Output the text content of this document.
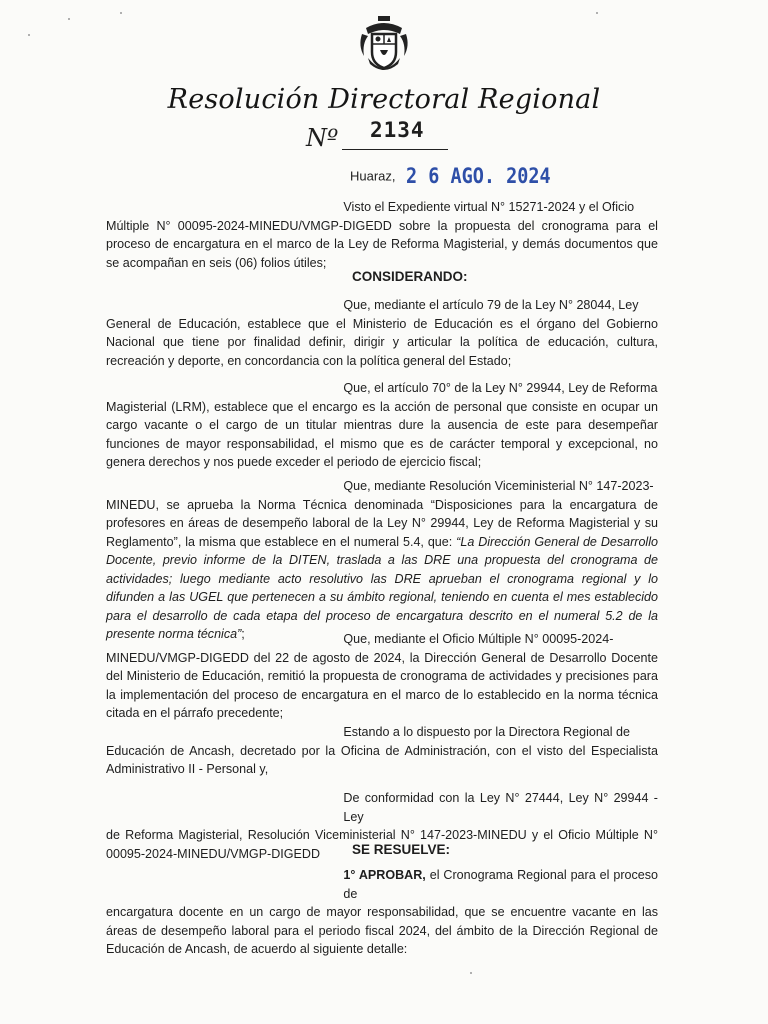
Resolución Directoral Regional
Nº 2134
Huaraz, 2 6 AGO. 2024
Visto el Expediente virtual N° 15271-2024 y el Oficio
Múltiple N° 00095-2024-MINEDU/VMGP-DIGEDD sobre la propuesta del cronograma para el proceso de encargatura en el marco de la Ley de Reforma Magisterial, y demás documentos que se acompañan en seis (06) folios útiles;
CONSIDERANDO:
Que, mediante el artículo 79 de la Ley N° 28044, Ley
General de Educación, establece que el Ministerio de Educación es el órgano del Gobierno Nacional que tiene por finalidad definir, dirigir y articular la política de educación, cultura, recreación y deporte, en concordancia con la política general del Estado;
Que, el artículo 70° de la Ley N° 29944, Ley de Reforma
Magisterial (LRM), establece que el encargo es la acción de personal que consiste en ocupar un cargo vacante o el cargo de un titular mientras dure la ausencia de este para desempeñar funciones de mayor responsabilidad, el mismo que es de carácter temporal y excepcional, no genera derechos y nos puede exceder el periodo de ejercicio fiscal;
Que, mediante Resolución Viceministerial N° 147-2023-
MINEDU, se aprueba la Norma Técnica denominada “Disposiciones para la encargatura de profesores en áreas de desempeño laboral de la Ley N° 29944, Ley de Reforma Magisterial y su Reglamento”, la misma que establece en el numeral 5.4, que: “La Dirección General de Desarrollo Docente, previo informe de la DITEN, traslada a las DRE una propuesta del cronograma de actividades; luego mediante acto resolutivo las DRE aprueban el cronograma regional y lo difunden a las UGEL que pertenecen a su ámbito regional, teniendo en cuenta el mes establecido para el desarrollo de cada etapa del proceso de encargatura descrito en el numeral 5.2 de la presente norma técnica”;	Que, mediante el Oficio Múltiple N° 00095-2024-
MINEDU/VMGP-DIGEDD del 22 de agosto de 2024, la Dirección General de Desarrollo Docente del Ministerio de Educación, remitió la propuesta de cronograma de actividades y precisiones para la implementación del proceso de encargatura en el marco de lo establecido en la norma técnica citada en el párrafo precedente;
Estando a lo dispuesto por la Directora Regional de
Educación de Ancash, decretado por la Oficina de Administración, con el visto del Especialista Administrativo II - Personal y,
De conformidad con la Ley N° 27444, Ley N° 29944 - Ley
de Reforma Magisterial, Resolución Viceministerial N° 147-2023-MINEDU y el Oficio Múltiple N° 00095-2024-MINEDU/VMGP-DIGEDD	SE RESUELVE:
1° APROBAR, el Cronograma Regional para el proceso de
encargatura docente en un cargo de mayor responsabilidad, que se encuentre vacante en las áreas de desempeño laboral para el periodo fiscal 2024, del ámbito de la Dirección Regional de Educación de Ancash, de acuerdo al siguiente detalle:
